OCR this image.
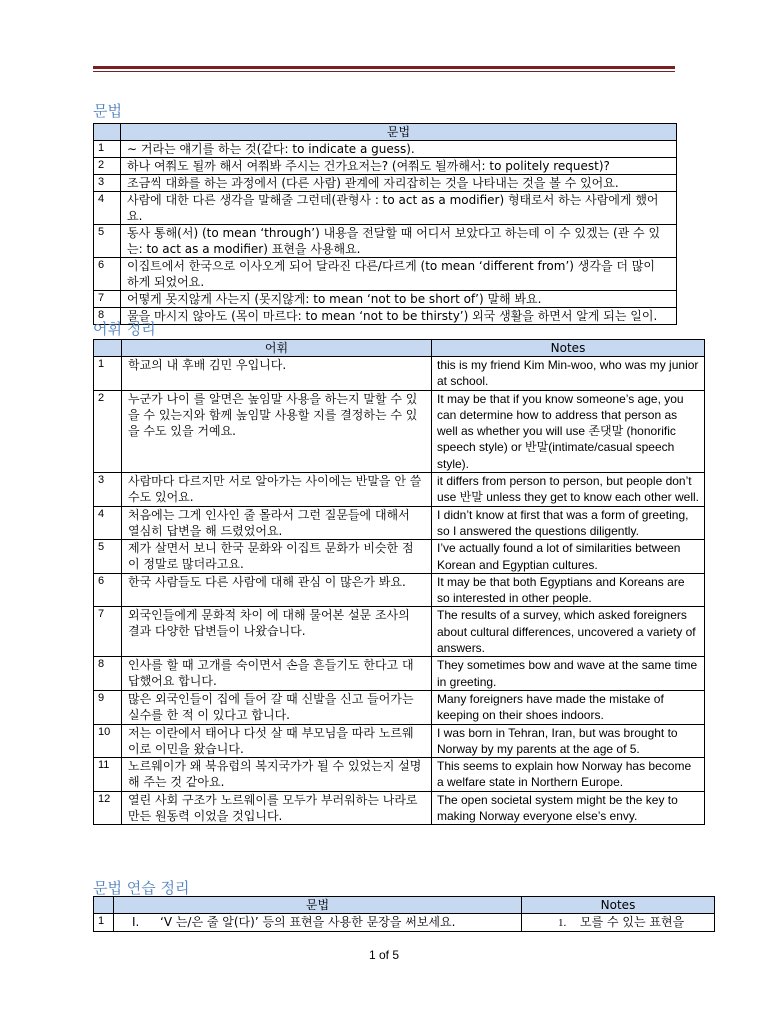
문법
	문법
1	∼ 거라는 얘기를 하는 것(같다: to indicate a guess).
2	하나 여쭤도 될까 해서 여쭤봐 주시는 건가요저는? (여쭤도 될까해서: to politely request)?
3	조금씩 대화를 하는 과정에서 (다른 사람) 관계에 자리잡히는 것을 나타내는 것을 볼 수 있어요.
4	사람에 대한 다른 생각을 말해줄 그런데(관형사 : to act as a modifier) 형태로서 하는 사람에게 했어요.
5	동사 통해(서) (to mean ‘through’) 내용을 전달할 때 어디서 보았다고 하는데 이 수 있겠는 (관 수 있는: to act as a modifier) 표현을 사용해요.
6	이집트에서 한국으로 이사오게 되어 달라진 다른/다르게 (to mean ‘different from’) 생각을 더 많이 하게 되었어요.
7	어떻게 못지않게 사는지 (못지않게: to mean ‘not to be short of’) 말해 봐요.
8	물을 마시지 않아도 (목이 마르다: to mean ‘not to be thirsty’) 외국 생활을 하면서 알게 되는 일이.
어휘 정리
	어휘	Notes
1	학교의 내 후배 김민 우입니다.	this is my friend Kim Min-woo, who was my junior at school.
2	누군가 나이 를 알면은 높임말 사용을 하는지 말할 수 있을 수 있는지와 함께 높임말 사용할 지를 결정하는 수 있을 수도 있을 거예요.	It may be that if you know someone’s age, you can determine how to address that person as well as whether you will use 존댓말 (honorific speech style) or 반말(intimate/casual speech style).
3	사람마다 다르지만 서로 알아가는 사이에는 반말을 안 쓸 수도 있어요.	it differs from person to person, but people don’t use 반말 unless they get to know each other well.
4	처음에는 그게 인사인 줄 몰라서 그런 질문들에 대해서 열심히 답변을 해 드렸었어요.	I didn’t know at first that was a form of greeting, so I answered the questions diligently.
5	제가 살면서 보니 한국 문화와 이집트 문화가 비슷한 점이 정말로 많더라고요.	I’ve actually found a lot of similarities between Korean and Egyptian cultures.
6	한국 사람들도 다른 사람에 대해 관심 이 많은가 봐요.	It may be that both Egyptians and Koreans are so interested in other people.
7	외국인들에게 문화적 차이 에 대해 물어본 설문 조사의 결과 다양한 답변들이 나왔습니다.	The results of a survey, which asked foreigners about cultural differences, uncovered a variety of answers.
8	인사를 할 때 고개를 숙이면서 손을 흔들기도 한다고 대답했어요 합니다.	They sometimes bow and wave at the same time in greeting.
9	많은 외국인들이 집에 들어 갈 때 신발을 신고 들어가는 실수를 한 적 이 있다고 합니다.	Many foreigners have made the mistake of keeping on their shoes indoors.
10	저는 이란에서 태어나 다섯 살 때 부모님을 따라 노르웨이로 이민을 왔습니다.	I was born in Tehran, Iran, but was brought to Norway by my parents at the age of 5.
11	노르웨이가 왜 북유럽의 복지국가가 될 수 있었는지 설명해 주는 것 같아요.	This seems to explain how Norway has become a welfare state in Northern Europe.
12	열린 사회 구조가 노르웨이를 모두가 부러워하는 나라로 만든 원동력 이었을 것입니다.	The open societal system might be the key to making Norway everyone else’s envy.
문법 연습 정리
	문법	Notes
1	I. ‘V 는/은 줄 알(다)’ 등의 표현을 사용한 문장을 써보세요.	1. 모를 수 있는 표현을
1 of 5
